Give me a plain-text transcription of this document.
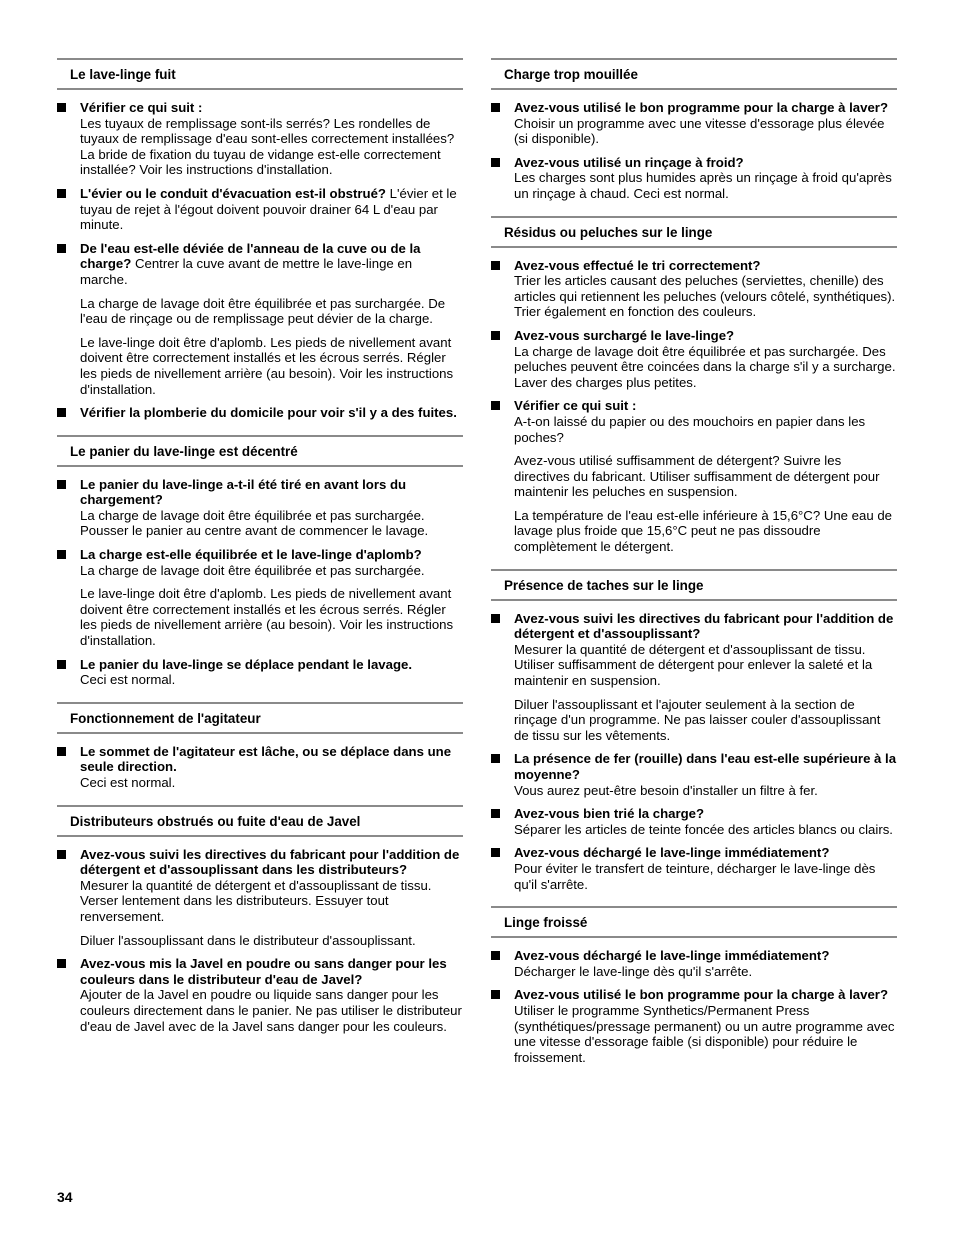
Le lave-linge fuit
Vérifier ce qui suit :
Les tuyaux de remplissage sont-ils serrés? Les rondelles de tuyaux de remplissage d'eau sont-elles correctement installées? La bride de fixation du tuyau de vidange est-elle correctement installée? Voir les instructions d'installation.
L'évier ou le conduit d'évacuation est-il obstrué? L'évier et le tuyau de rejet à l'égout doivent pouvoir drainer 64 L d'eau par minute.
De l'eau est-elle déviée de l'anneau de la cuve ou de la charge? Centrer la cuve avant de mettre le lave-linge en marche.
La charge de lavage doit être équilibrée et pas surchargée. De l'eau de rinçage ou de remplissage peut dévier de la charge.
Le lave-linge doit être d'aplomb. Les pieds de nivellement avant doivent être correctement installés et les écrous serrés. Régler les pieds de nivellement arrière (au besoin). Voir les instructions d'installation.
Vérifier la plomberie du domicile pour voir s'il y a des fuites.
Le panier du lave-linge est décentré
Le panier du lave-linge a-t-il été tiré en avant lors du chargement?
La charge de lavage doit être équilibrée et pas surchargée. Pousser le panier au centre avant de commencer le lavage.
La charge est-elle équilibrée et le lave-linge d'aplomb?
La charge de lavage doit être équilibrée et pas surchargée.
Le lave-linge doit être d'aplomb. Les pieds de nivellement avant doivent être correctement installés et les écrous serrés. Régler les pieds de nivellement arrière (au besoin). Voir les instructions d'installation.
Le panier du lave-linge se déplace pendant le lavage.
Ceci est normal.
Fonctionnement de l'agitateur
Le sommet de l'agitateur est lâche, ou se déplace dans une seule direction.
Ceci est normal.
Distributeurs obstrués ou fuite d'eau de Javel
Avez-vous suivi les directives du fabricant pour l'addition de détergent et d'assouplissant dans les distributeurs?
Mesurer la quantité de détergent et d'assouplissant de tissu. Verser lentement dans les distributeurs. Essuyer tout renversement.
Diluer l'assouplissant dans le distributeur d'assouplissant.
Avez-vous mis la Javel en poudre ou sans danger pour les couleurs dans le distributeur d'eau de Javel?
Ajouter de la Javel en poudre ou liquide sans danger pour les couleurs directement dans le panier. Ne pas utiliser le distributeur d'eau de Javel avec de la Javel sans danger pour les couleurs.
Charge trop mouillée
Avez-vous utilisé le bon programme pour la charge à laver?
Choisir un programme avec une vitesse d'essorage plus élevée (si disponible).
Avez-vous utilisé un rinçage à froid?
Les charges sont plus humides après un rinçage à froid qu'après un rinçage à chaud. Ceci est normal.
Résidus ou peluches sur le linge
Avez-vous effectué le tri correctement?
Trier les articles causant des peluches (serviettes, chenille) des articles qui retiennent les peluches (velours côtelé, synthétiques). Trier également en fonction des couleurs.
Avez-vous surchargé le lave-linge?
La charge de lavage doit être équilibrée et pas surchargée. Des peluches peuvent être coincées dans la charge s'il y a surcharge. Laver des charges plus petites.
Vérifier ce qui suit :
A-t-on laissé du papier ou des mouchoirs en papier dans les poches?
Avez-vous utilisé suffisamment de détergent? Suivre les directives du fabricant. Utiliser suffisamment de détergent pour maintenir les peluches en suspension.
La température de l'eau est-elle inférieure à 15,6°C? Une eau de lavage plus froide que 15,6°C peut ne pas dissoudre complètement le détergent.
Présence de taches sur le linge
Avez-vous suivi les directives du fabricant pour l'addition de détergent et d'assouplissant?
Mesurer la quantité de détergent et d'assouplissant de tissu. Utiliser suffisamment de détergent pour enlever la saleté et la maintenir en suspension.
Diluer l'assouplissant et l'ajouter seulement à la section de rinçage d'un programme. Ne pas laisser couler d'assouplissant de tissu sur les vêtements.
La présence de fer (rouille) dans l'eau est-elle supérieure à la moyenne?
Vous aurez peut-être besoin d'installer un filtre à fer.
Avez-vous bien trié la charge?
Séparer les articles de teinte foncée des articles blancs ou clairs.
Avez-vous déchargé le lave-linge immédiatement?
Pour éviter le transfert de teinture, décharger le lave-linge dès qu'il s'arrête.
Linge froissé
Avez-vous déchargé le lave-linge immédiatement?
Décharger le lave-linge dès qu'il s'arrête.
Avez-vous utilisé le bon programme pour la charge à laver?
Utiliser le programme Synthetics/Permanent Press (synthétiques/pressage permanent) ou un autre programme avec une vitesse d'essorage faible (si disponible) pour réduire le froissement.
34
